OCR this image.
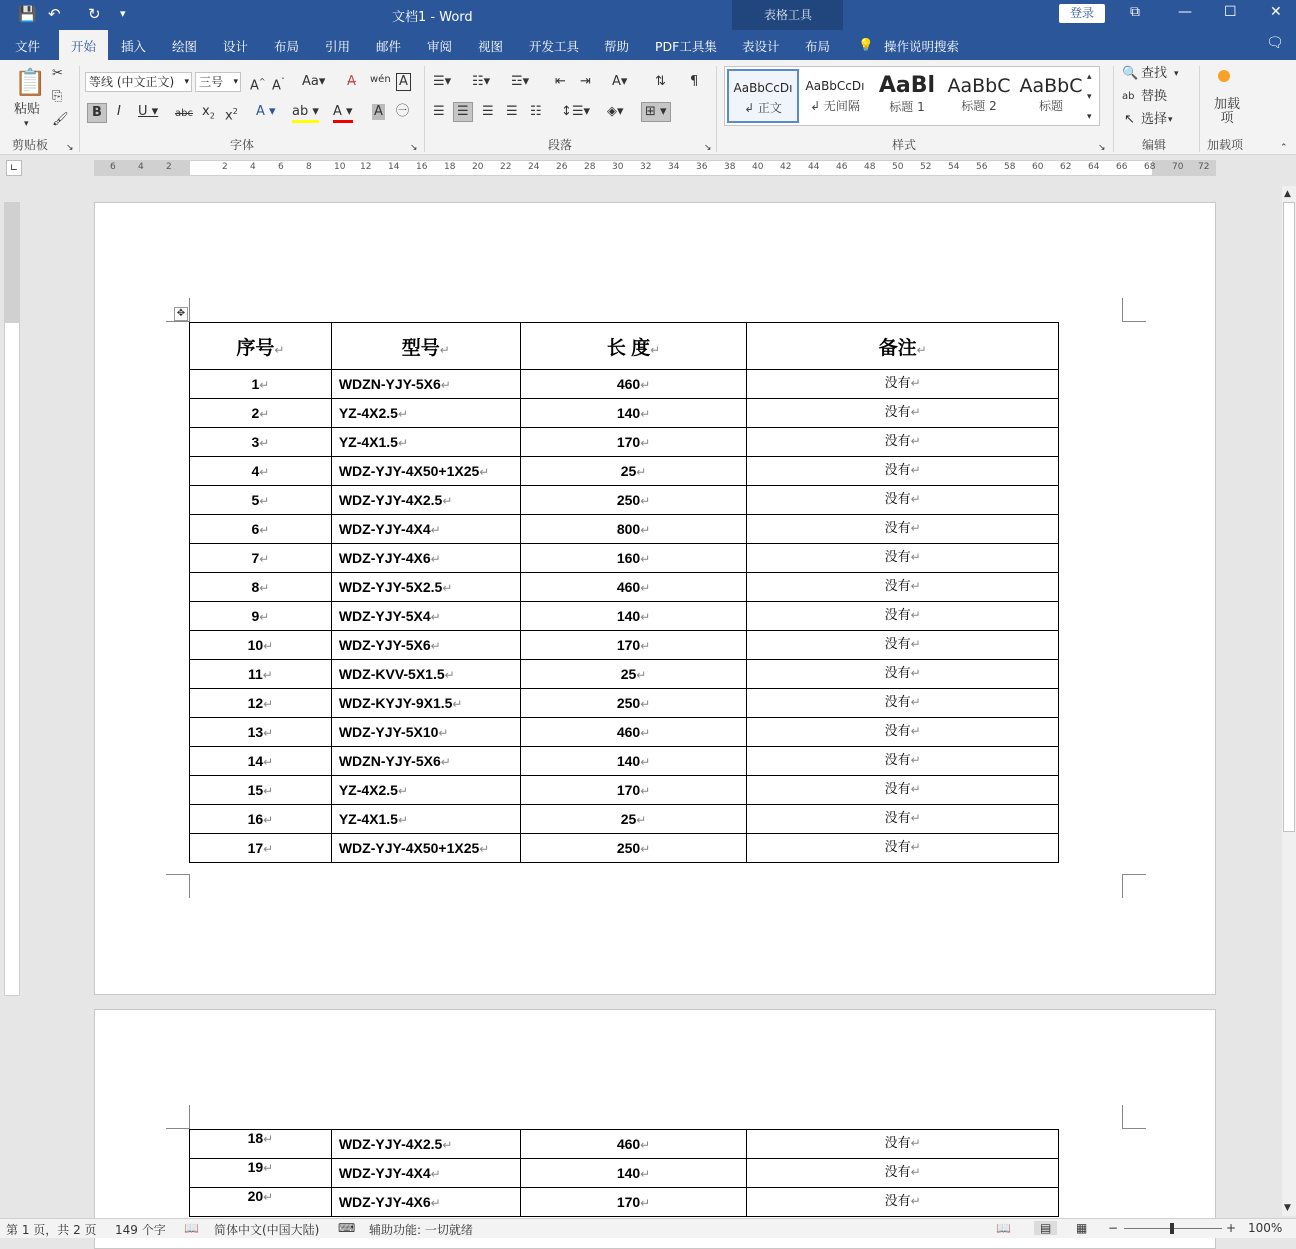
💾 ↶ ↻ ▾	文档1 - Word	登录	⧉	— ☐ ✕
表格工具
文件	开始	插入 绘图 设计 布局 引用 邮件 审阅 视图 开发工具 帮助 PDF工具集 表设计 布局 💡 操作说明搜索	🗨
📋
粘贴
▾
✂
⎘
🖌
剪贴板 ↘
等线 (中文正文) ▾	三号 ▾	A^ $A^ˇ$ Aa▾ A̶ wén A
B	I U ▾ abc $x_2$ $x^2$ A ▾ ab ▾ A ▾ A ㊀
字体	↘
☰▾ ☷▾ ☲▾ ⇤ ⇥ A▾ ⇅ ¶
☰ ☰	☰ ☰ ☷ ↕☰▾ ◈▾	⊞ ▾
段落	↘
AaBbCcDı
↲ 正文
AaBbCcDı
↲ 无间隔
AaBl
标题 1
AaBbC
标题 2
AaBbC
标题
▴
▾
▾
样式	↘
🔍 查找 ▾
ab 替换
↖ 选择 ▾
编辑
加载项
加载项	⌃
∟	6 4 2	2 4 6 8 10 12 14 16 18 20 22 24 26 28 30 32 34 36 38 40 42 44 46 48 50 52 54 56 58 60 62 64 66 68 70 72
✥
序号↵	型号↵	长 度↵	备注↵
1↵	WDZN-YJY-5X6↵	460↵	没有↵
2↵	YZ-4X2.5↵	140↵	没有↵
3↵	YZ-4X1.5↵	170↵	没有↵
4↵	WDZ-YJY-4X50+1X25↵	25↵	没有↵
5↵	WDZ-YJY-4X2.5↵	250↵	没有↵
6↵	WDZ-YJY-4X4↵	800↵	没有↵
7↵	WDZ-YJY-4X6↵	160↵	没有↵
8↵	WDZ-YJY-5X2.5↵	460↵	没有↵
9↵	WDZ-YJY-5X4↵	140↵	没有↵
10↵	WDZ-YJY-5X6↵	170↵	没有↵
11↵	WDZ-KVV-5X1.5↵	25↵	没有↵
12↵	WDZ-KYJY-9X1.5↵	250↵	没有↵
13↵	WDZ-YJY-5X10↵	460↵	没有↵
14↵	WDZN-YJY-5X6↵	140↵	没有↵
15↵	YZ-4X2.5↵	170↵	没有↵
16↵	YZ-4X1.5↵	25↵	没有↵
17↵	WDZ-YJY-4X50+1X25↵	250↵	没有↵
18↵	WDZ-YJY-4X2.5↵	460↵	没有↵
19↵	WDZ-YJY-4X4↵	140↵	没有↵
20↵	WDZ-YJY-4X6↵	170↵	没有↵
▲
▼
第 1 页，共 2 页 149 个字 📖 简体中文(中国大陆) ⌨ 辅助功能: 一切就绪	📖	▤	▦ −	+ 100%
